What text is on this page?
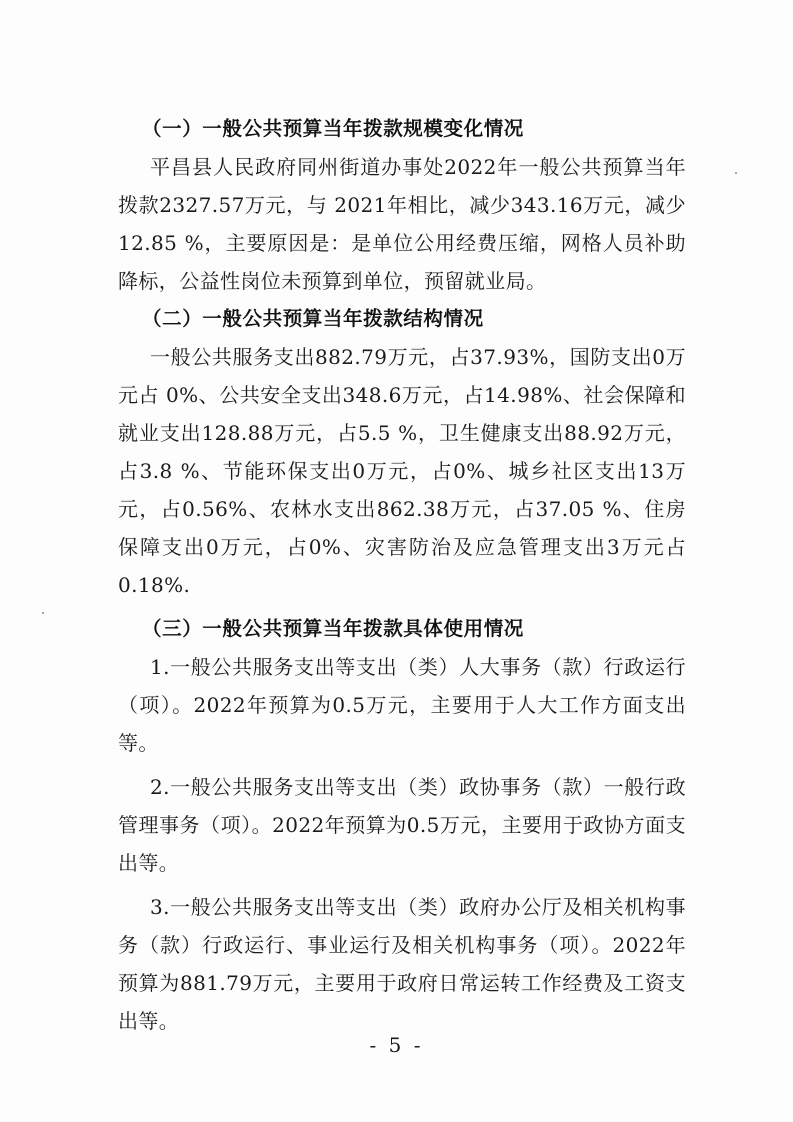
（一）一般公共预算当年拨款规模变化情况

平昌县人民政府同州街道办事处2022年一般公共预算当年拨款2327.57万元，与 2021年相比，减少343.16万元，减少12.85 %，主要原因是：是单位公用经费压缩，网格人员补助降标，公益性岗位未预算到单位，预留就业局。

（二）一般公共预算当年拨款结构情况

一般公共服务支出882.79万元，占37.93%，国防支出0万元占 0%、公共安全支出348.6万元，占14.98%、社会保障和就业支出128.88万元，占5.5 %，卫生健康支出88.92万元，占3.8 %、节能环保支出0万元，占0%、城乡社区支出13万元，占0.56%、农林水支出862.38万元，占37.05 %、住房保障支出0万元，占0%、灾害防治及应急管理支出3万元占0.18%.

（三）一般公共预算当年拨款具体使用情况

1.一般公共服务支出等支出（类）人大事务（款）行政运行（项）。2022年预算为0.5万元，主要用于人大工作方面支出等。

2.一般公共服务支出等支出（类）政协事务（款）一般行政管理事务（项）。2022年预算为0.5万元，主要用于政协方面支出等。

3.一般公共服务支出等支出（类）政府办公厅及相关机构事务（款）行政运行、事业运行及相关机构事务（项）。2022年预算为881.79万元，主要用于政府日常运转工作经费及工资支出等。

- 5 -
